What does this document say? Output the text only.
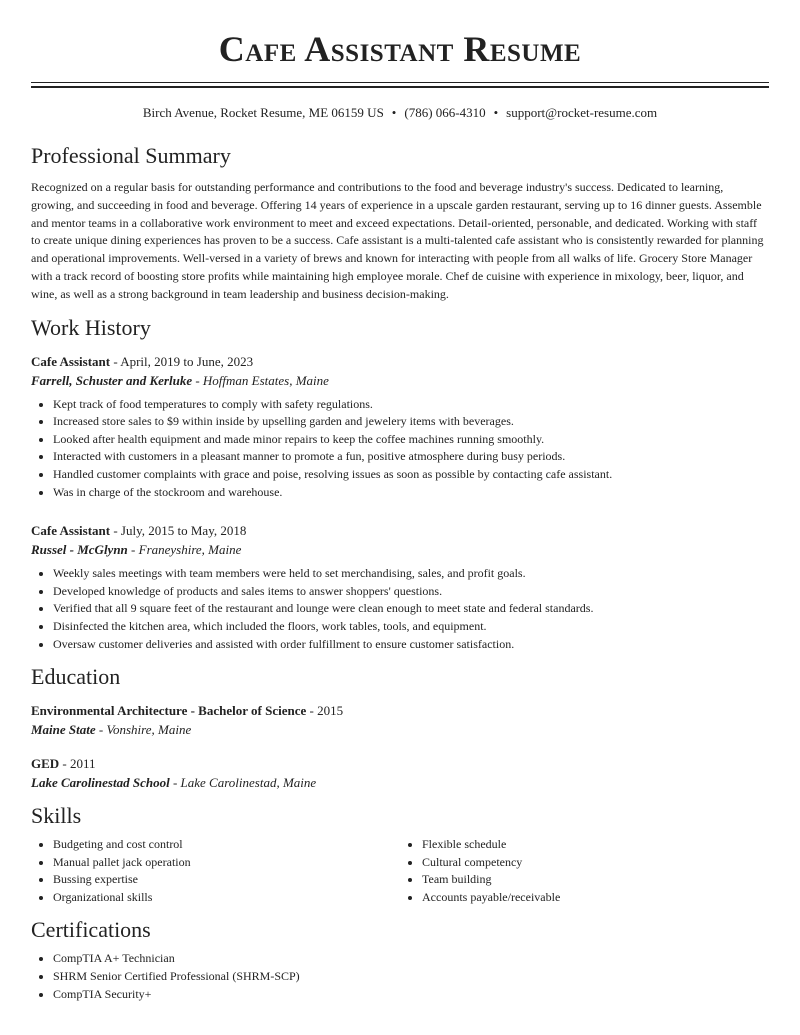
Cafe Assistant Resume
Birch Avenue, Rocket Resume, ME 06159 US • (786) 066-4310 • support@rocket-resume.com
Professional Summary

Recognized on a regular basis for outstanding performance and contributions to the food and beverage industry's success. Dedicated to learning, growing, and succeeding in food and beverage. Offering 14 years of experience in a upscale garden restaurant, serving up to 16 dinner guests. Assemble and mentor teams in a collaborative work environment to meet and exceed expectations. Detail-oriented, personable, and dedicated. Working with staff to create unique dining experiences has proven to be a success. Cafe assistant is a multi-talented cafe assistant who is consistently rewarded for planning and operational improvements. Well-versed in a variety of brews and known for interacting with people from all walks of life. Grocery Store Manager with a track record of boosting store profits while maintaining high employee morale. Chef de cuisine with experience in mixology, beer, liquor, and wine, as well as a strong background in team leadership and business decision-making.

Work History
Cafe Assistant - April, 2019 to June, 2023
Farrell, Schuster and Kerluke - Hoffman Estates, Maine
• Kept track of food temperatures to comply with safety regulations.
• Increased store sales to $9 within inside by upselling garden and jewelery items with beverages.
• Looked after health equipment and made minor repairs to keep the coffee machines running smoothly.
• Interacted with customers in a pleasant manner to promote a fun, positive atmosphere during busy periods.
• Handled customer complaints with grace and poise, resolving issues as soon as possible by contacting cafe assistant.
• Was in charge of the stockroom and warehouse.
Cafe Assistant - July, 2015 to May, 2018
Russel - McGlynn - Franeyshire, Maine
• Weekly sales meetings with team members were held to set merchandising, sales, and profit goals.
• Developed knowledge of products and sales items to answer shoppers' questions.
• Verified that all 9 square feet of the restaurant and lounge were clean enough to meet state and federal standards.
• Disinfected the kitchen area, which included the floors, work tables, tools, and equipment.
• Oversaw customer deliveries and assisted with order fulfillment to ensure customer satisfaction.
Education
Environmental Architecture - Bachelor of Science - 2015
Maine State - Vonshire, Maine
GED - 2011
Lake Carolinestad School - Lake Carolinestad, Maine
Skills
• Budgeting and cost control
• Manual pallet jack operation
• Bussing expertise
• Organizational skills
• Flexible schedule
• Cultural competency
• Team building
• Accounts payable/receivable
Certifications
• CompTIA A+ Technician
• SHRM Senior Certified Professional (SHRM-SCP)
• CompTIA Security+
